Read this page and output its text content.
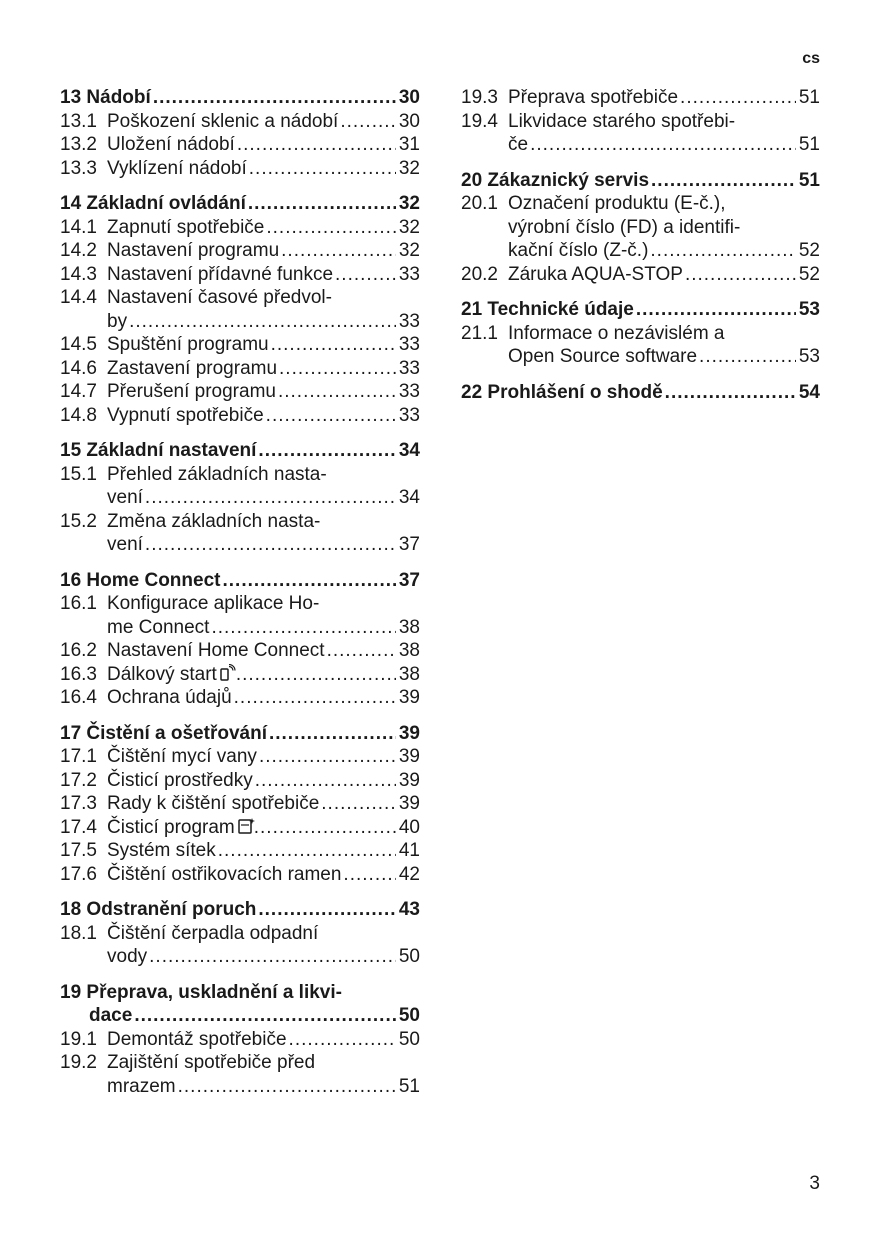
cs
13 Nádobí .....	30
13.1 Poškození sklenic a nádobí .....	30
13.2 Uložení nádobí .....	31
13.3 Vyklízení nádobí .....	32
14 Základní ovládání .....	32
14.1 Zapnutí spotřebiče .....	32
14.2 Nastavení programu .....	32
14.3 Nastavení přídavné funkce .....	33
14.4 Nastavení časové předvol-
by .....	33
14.5 Spuštění programu .....	33
14.6 Zastavení programu .....	33
14.7 Přerušení programu .....	33
14.8 Vypnutí spotřebiče .....	33
15 Základní nastavení .....	34
15.1 Přehled základních nasta-
vení .....	34
15.2 Změna základních nasta-
vení .....	37
16 Home Connect .....	37
16.1 Konfigurace aplikace Ho-
me Connect .....	38
16.2 Nastavení Home Connect .....	38
16.3 Dálkový start .....	38
16.4 Ochrana údajů .....	39
17 Čistění a ošetřování .....	39
17.1 Čištění mycí vany .....	39
17.2 Čisticí prostředky .....	39
17.3 Rady k čištění spotřebiče .....	39
17.4 Čisticí program .....	40
17.5 Systém sítek .....	41
17.6 Čištění ostřikovacích ramen .....	42
18 Odstranění poruch .....	43
18.1 Čištění čerpadla odpadní
vody .....	50
19 Přeprava, uskladnění a likvi-
dace .....	50
19.1 Demontáž spotřebiče .....	50
19.2 Zajištění spotřebiče před
mrazem .....	51
19.3 Přeprava spotřebiče .....	51
19.4 Likvidace starého spotřebi-
če .....	51
20 Zákaznický servis .....	51
20.1 Označení produktu (E-č.),
výrobní číslo (FD) a identifi-
kační číslo (Z-č.) .....	52
20.2 Záruka AQUA-STOP .....	52
21 Technické údaje .....	53
21.1 Informace o nezávislém a
Open Source software .....	53
22 Prohlášení o shodě .....	54
3
